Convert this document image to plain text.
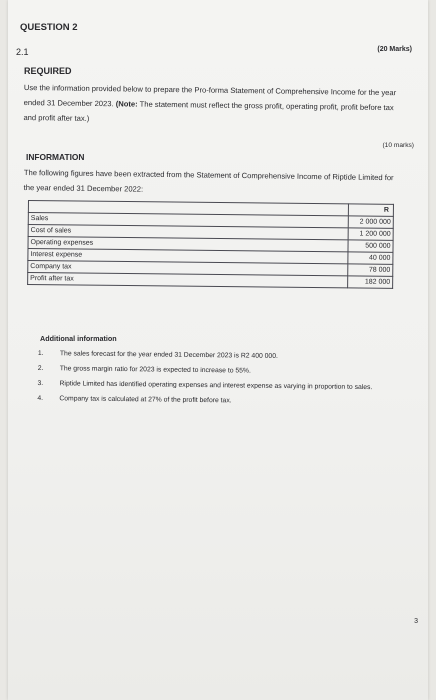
QUESTION 2
2.1	(20 Marks)
REQUIRED
Use the information provided below to prepare the Pro-forma Statement of Comprehensive Income for the year ended 31 December 2023. (Note: The statement must reflect the gross profit, operating profit, profit before tax and profit after tax.)
(10 marks)
INFORMATION
The following figures have been extracted from the Statement of Comprehensive Income of Riptide Limited for the year ended 31 December 2022:
	R
Sales	2 000 000
Cost of sales	1 200 000
Operating expenses	500 000
Interest expense	40 000
Company tax	78 000
Profit after tax	182 000
Additional information
1. The sales forecast for the year ended 31 December 2023 is R2 400 000.
2. The gross margin ratio for 2023 is expected to increase to 55%.
3. Riptide Limited has identified operating expenses and interest expense as varying in proportion to sales.
4. Company tax is calculated at 27% of the profit before tax.
3
